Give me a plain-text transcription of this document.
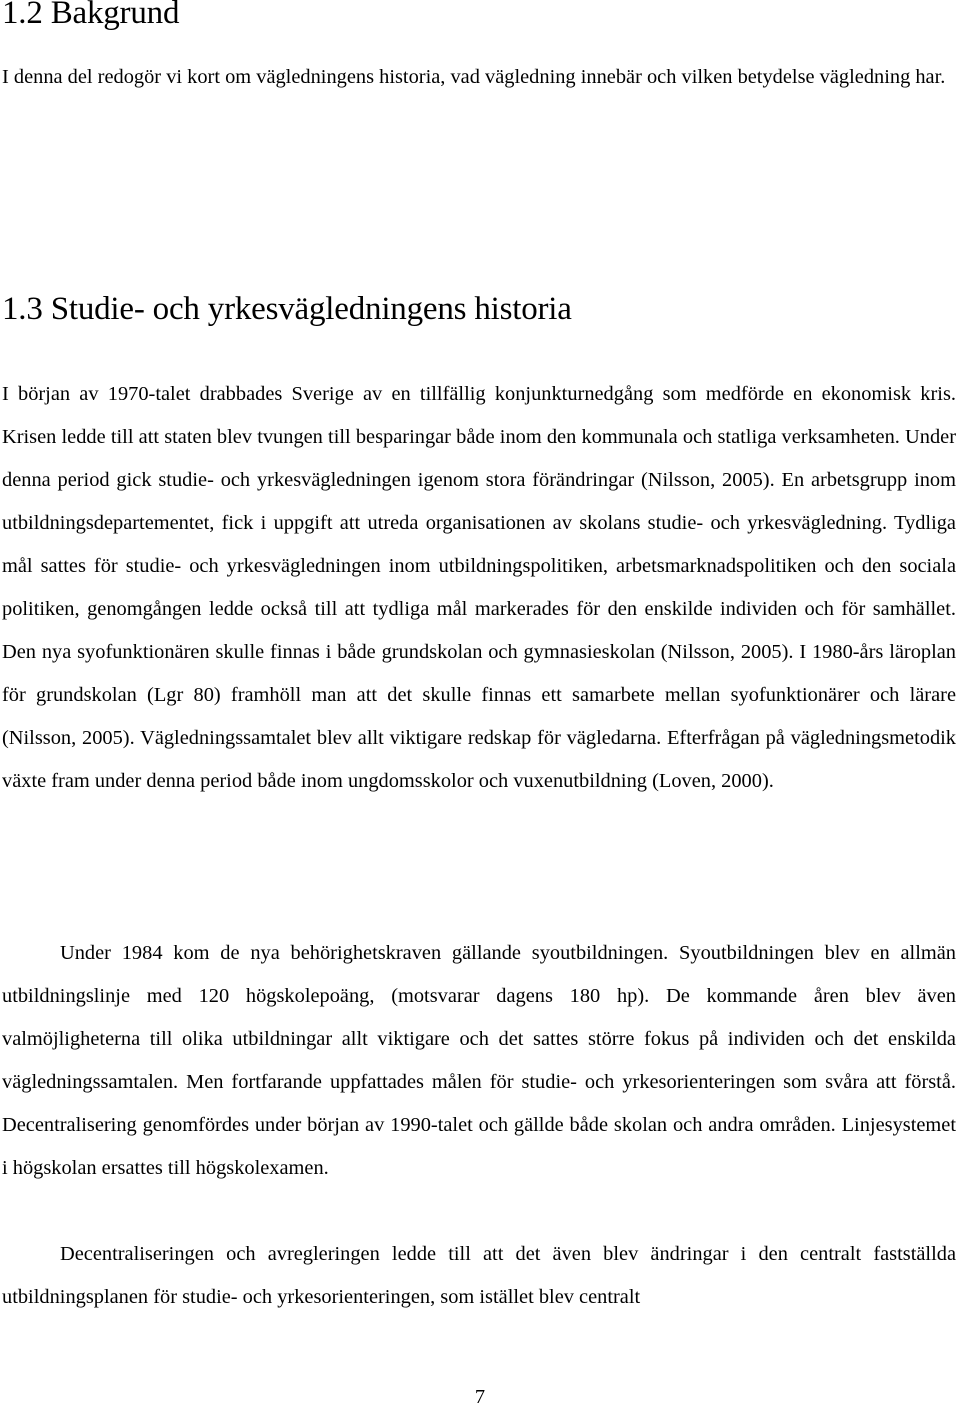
1.2 Bakgrund

I denna del redogör vi kort om vägledningens historia, vad vägledning innebär och vilken betydelse vägledning har.

1.3 Studie- och yrkesvägledningens historia

I början av 1970-talet drabbades Sverige av en tillfällig konjunkturnedgång som medförde en ekonomisk kris. Krisen ledde till att staten blev tvungen till besparingar både inom den kommunala och statliga verksamheten. Under denna period gick studie- och yrkesvägledningen igenom stora förändringar (Nilsson, 2005). En arbetsgrupp inom utbildningsdepartementet, fick i uppgift att utreda organisationen av skolans studie- och yrkesvägledning. Tydliga mål sattes för studie- och yrkesvägledningen inom utbildningspolitiken, arbetsmarknadspolitiken och den sociala politiken, genomgången ledde också till att tydliga mål markerades för den enskilde individen och för samhället. Den nya syofunktionären skulle finnas i både grundskolan och gymnasieskolan (Nilsson, 2005). I 1980-års läroplan för grundskolan (Lgr 80) framhöll man att det skulle finnas ett samarbete mellan syofunktionärer och lärare (Nilsson, 2005). Vägledningssamtalet blev allt viktigare redskap för vägledarna. Efterfrågan på vägledningsmetodik växte fram under denna period både inom ungdomsskolor och vuxenutbildning (Loven, 2000).

Under 1984 kom de nya behörighetskraven gällande syoutbildningen. Syoutbildningen blev en allmän utbildningslinje med 120 högskolepoäng, (motsvarar dagens 180 hp). De kommande åren blev även valmöjligheterna till olika utbildningar allt viktigare och det sattes större fokus på individen och det enskilda vägledningssamtalen. Men fortfarande uppfattades målen för studie- och yrkesorienteringen som svåra att förstå. Decentralisering genomfördes under början av 1990-talet och gällde både skolan och andra områden. Linjesystemet i högskolan ersattes till högskolexamen.

Decentraliseringen och avregleringen ledde till att det även blev ändringar i den centralt fastställda utbildningsplanen för studie- och yrkesorienteringen, som istället blev centralt

7
